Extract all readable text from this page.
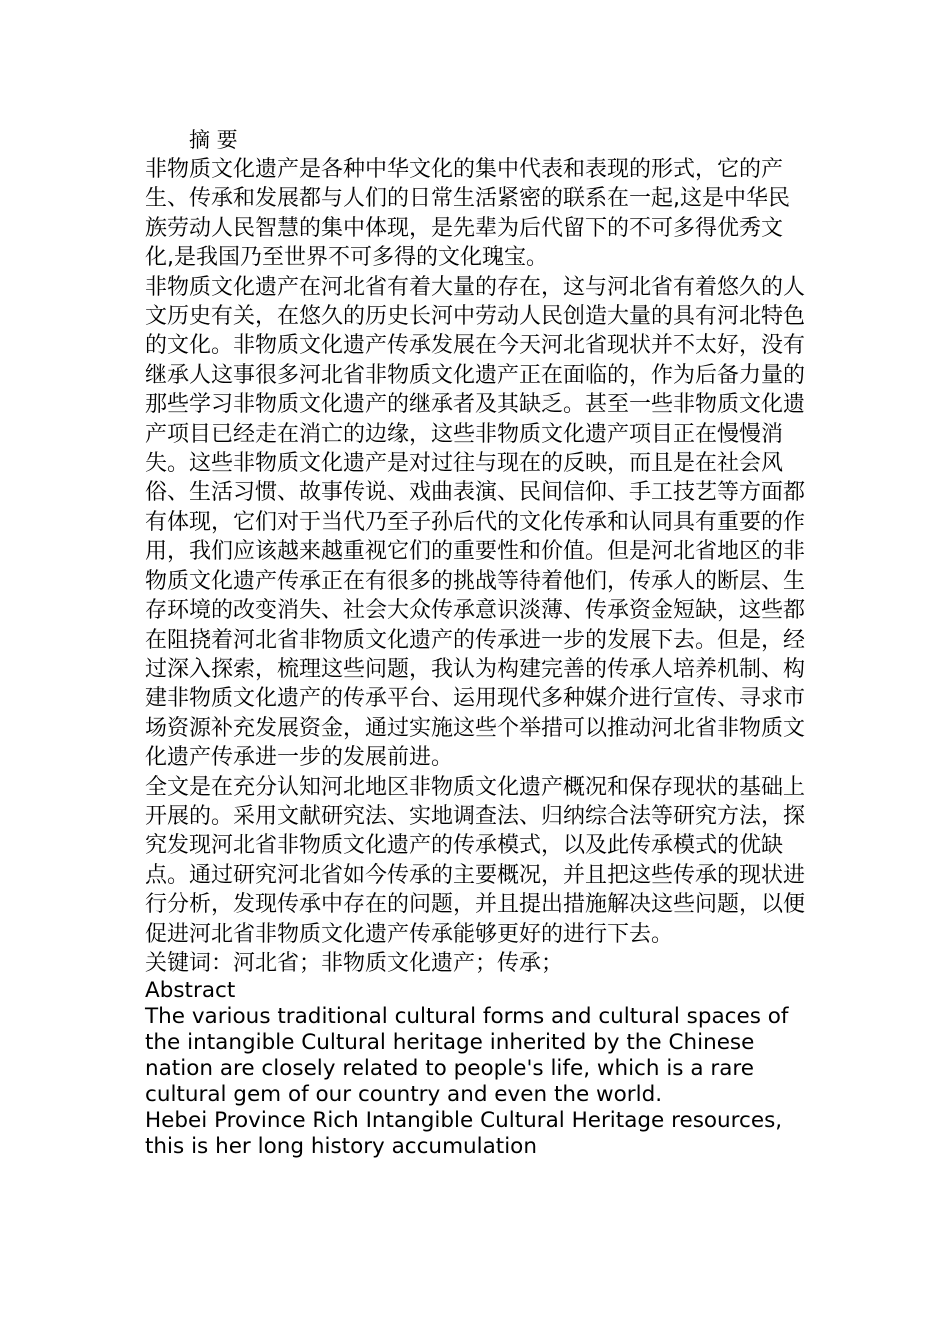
摘 要

非物质文化遗产是各种中华文化的集中代表和表现的形式，它的产生、传承和发展都与人们的日常生活紧密的联系在一起,这是中华民族劳动人民智慧的集中体现，是先辈为后代留下的不可多得优秀文化,是我国乃至世界不可多得的文化瑰宝。

非物质文化遗产在河北省有着大量的存在，这与河北省有着悠久的人文历史有关，在悠久的历史长河中劳动人民创造大量的具有河北特色的文化。非物质文化遗产传承发展在今天河北省现状并不太好，没有继承人这事很多河北省非物质文化遗产正在面临的，作为后备力量的那些学习非物质文化遗产的继承者及其缺乏。甚至一些非物质文化遗产项目已经走在消亡的边缘，这些非物质文化遗产项目正在慢慢消失。这些非物质文化遗产是对过往与现在的反映，而且是在社会风俗、生活习惯、故事传说、戏曲表演、民间信仰、手工技艺等方面都有体现，它们对于当代乃至子孙后代的文化传承和认同具有重要的作用，我们应该越来越重视它们的重要性和价值。但是河北省地区的非物质文化遗产传承正在有很多的挑战等待着他们，传承人的断层、生存环境的改变消失、社会大众传承意识淡薄、传承资金短缺，这些都在阻挠着河北省非物质文化遗产的传承进一步的发展下去。但是，经过深入探索，梳理这些问题，我认为构建完善的传承人培养机制、构建非物质文化遗产的传承平台、运用现代多种媒介进行宣传、寻求市场资源补充发展资金，通过实施这些个举措可以推动河北省非物质文化遗产传承进一步的发展前进。

全文是在充分认知河北地区非物质文化遗产概况和保存现状的基础上开展的。采用文献研究法、实地调查法、归纳综合法等研究方法，探究发现河北省非物质文化遗产的传承模式，以及此传承模式的优缺点。通过研究河北省如今传承的主要概况，并且把这些传承的现状进行分析，发现传承中存在的问题，并且提出措施解决这些问题，以便促进河北省非物质文化遗产传承能够更好的进行下去。

关键词：河北省；非物质文化遗产；传承；

Abstract

The various traditional cultural forms and cultural spaces of the intangible Cultural heritage inherited by the Chinese nation are closely related to people's life, which is a rare cultural gem of our country and even the world.

Hebei Province Rich Intangible Cultural Heritage resources, this is her long history accumulation
